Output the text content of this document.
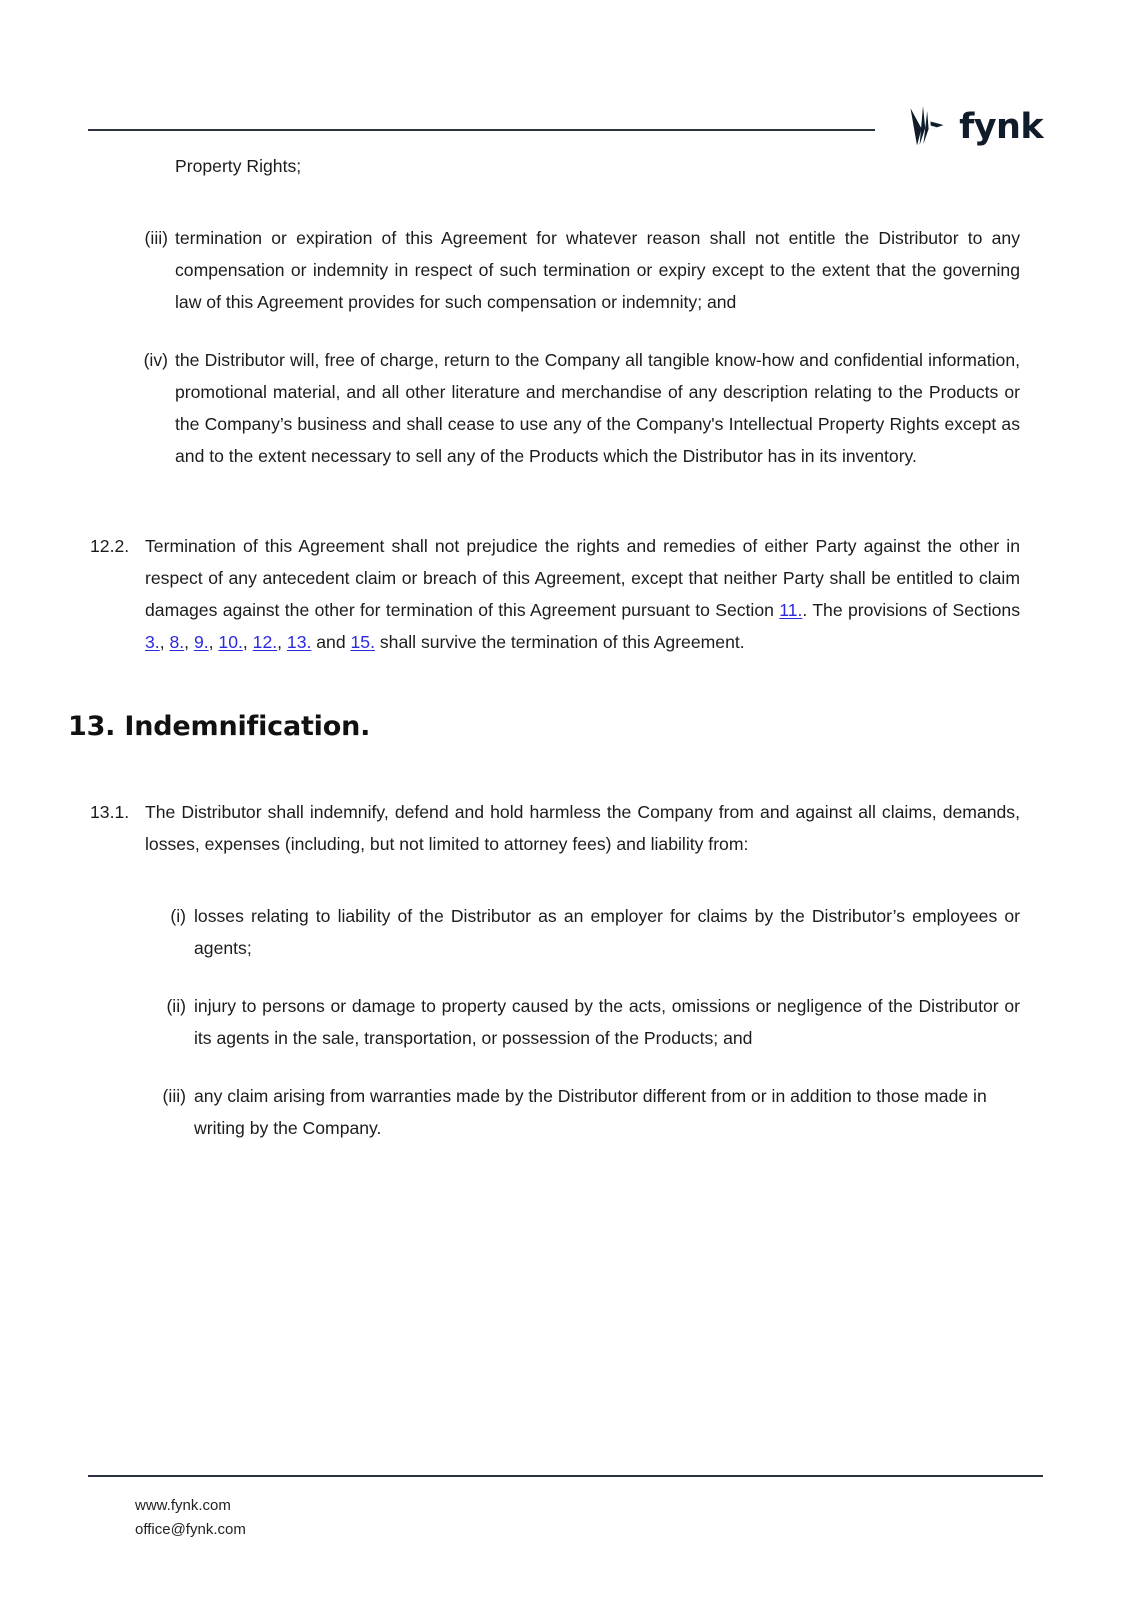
fynk
Property Rights;
(iii) termination or expiration of this Agreement for whatever reason shall not entitle the Distributor to any compensation or indemnity in respect of such termination or expiry except to the extent that the governing law of this Agreement provides for such compensation or indemnity; and
(iv) the Distributor will, free of charge, return to the Company all tangible know-how and confidential information, promotional material, and all other literature and merchandise of any description relating to the Products or the Company’s business and shall cease to use any of the Company's Intellectual Property Rights except as and to the extent necessary to sell any of the Products which the Distributor has in its inventory.
12.2. Termination of this Agreement shall not prejudice the rights and remedies of either Party against the other in respect of any antecedent claim or breach of this Agreement, except that neither Party shall be entitled to claim damages against the other for termination of this Agreement pursuant to Section 11.. The provisions of Sections 3., 8., 9., 10., 12., 13. and 15. shall survive the termination of this Agreement.
13. Indemnification.
13.1. The Distributor shall indemnify, defend and hold harmless the Company from and against all claims, demands, losses, expenses (including, but not limited to attorney fees) and liability from:
(i) losses relating to liability of the Distributor as an employer for claims by the Distributor’s employees or agents;
(ii) injury to persons or damage to property caused by the acts, omissions or negligence of the Distributor or its agents in the sale, transportation, or possession of the Products; and
(iii) any claim arising from warranties made by the Distributor different from or in addition to those made in writing by the Company.
www.fynk.com
office@fynk.com
